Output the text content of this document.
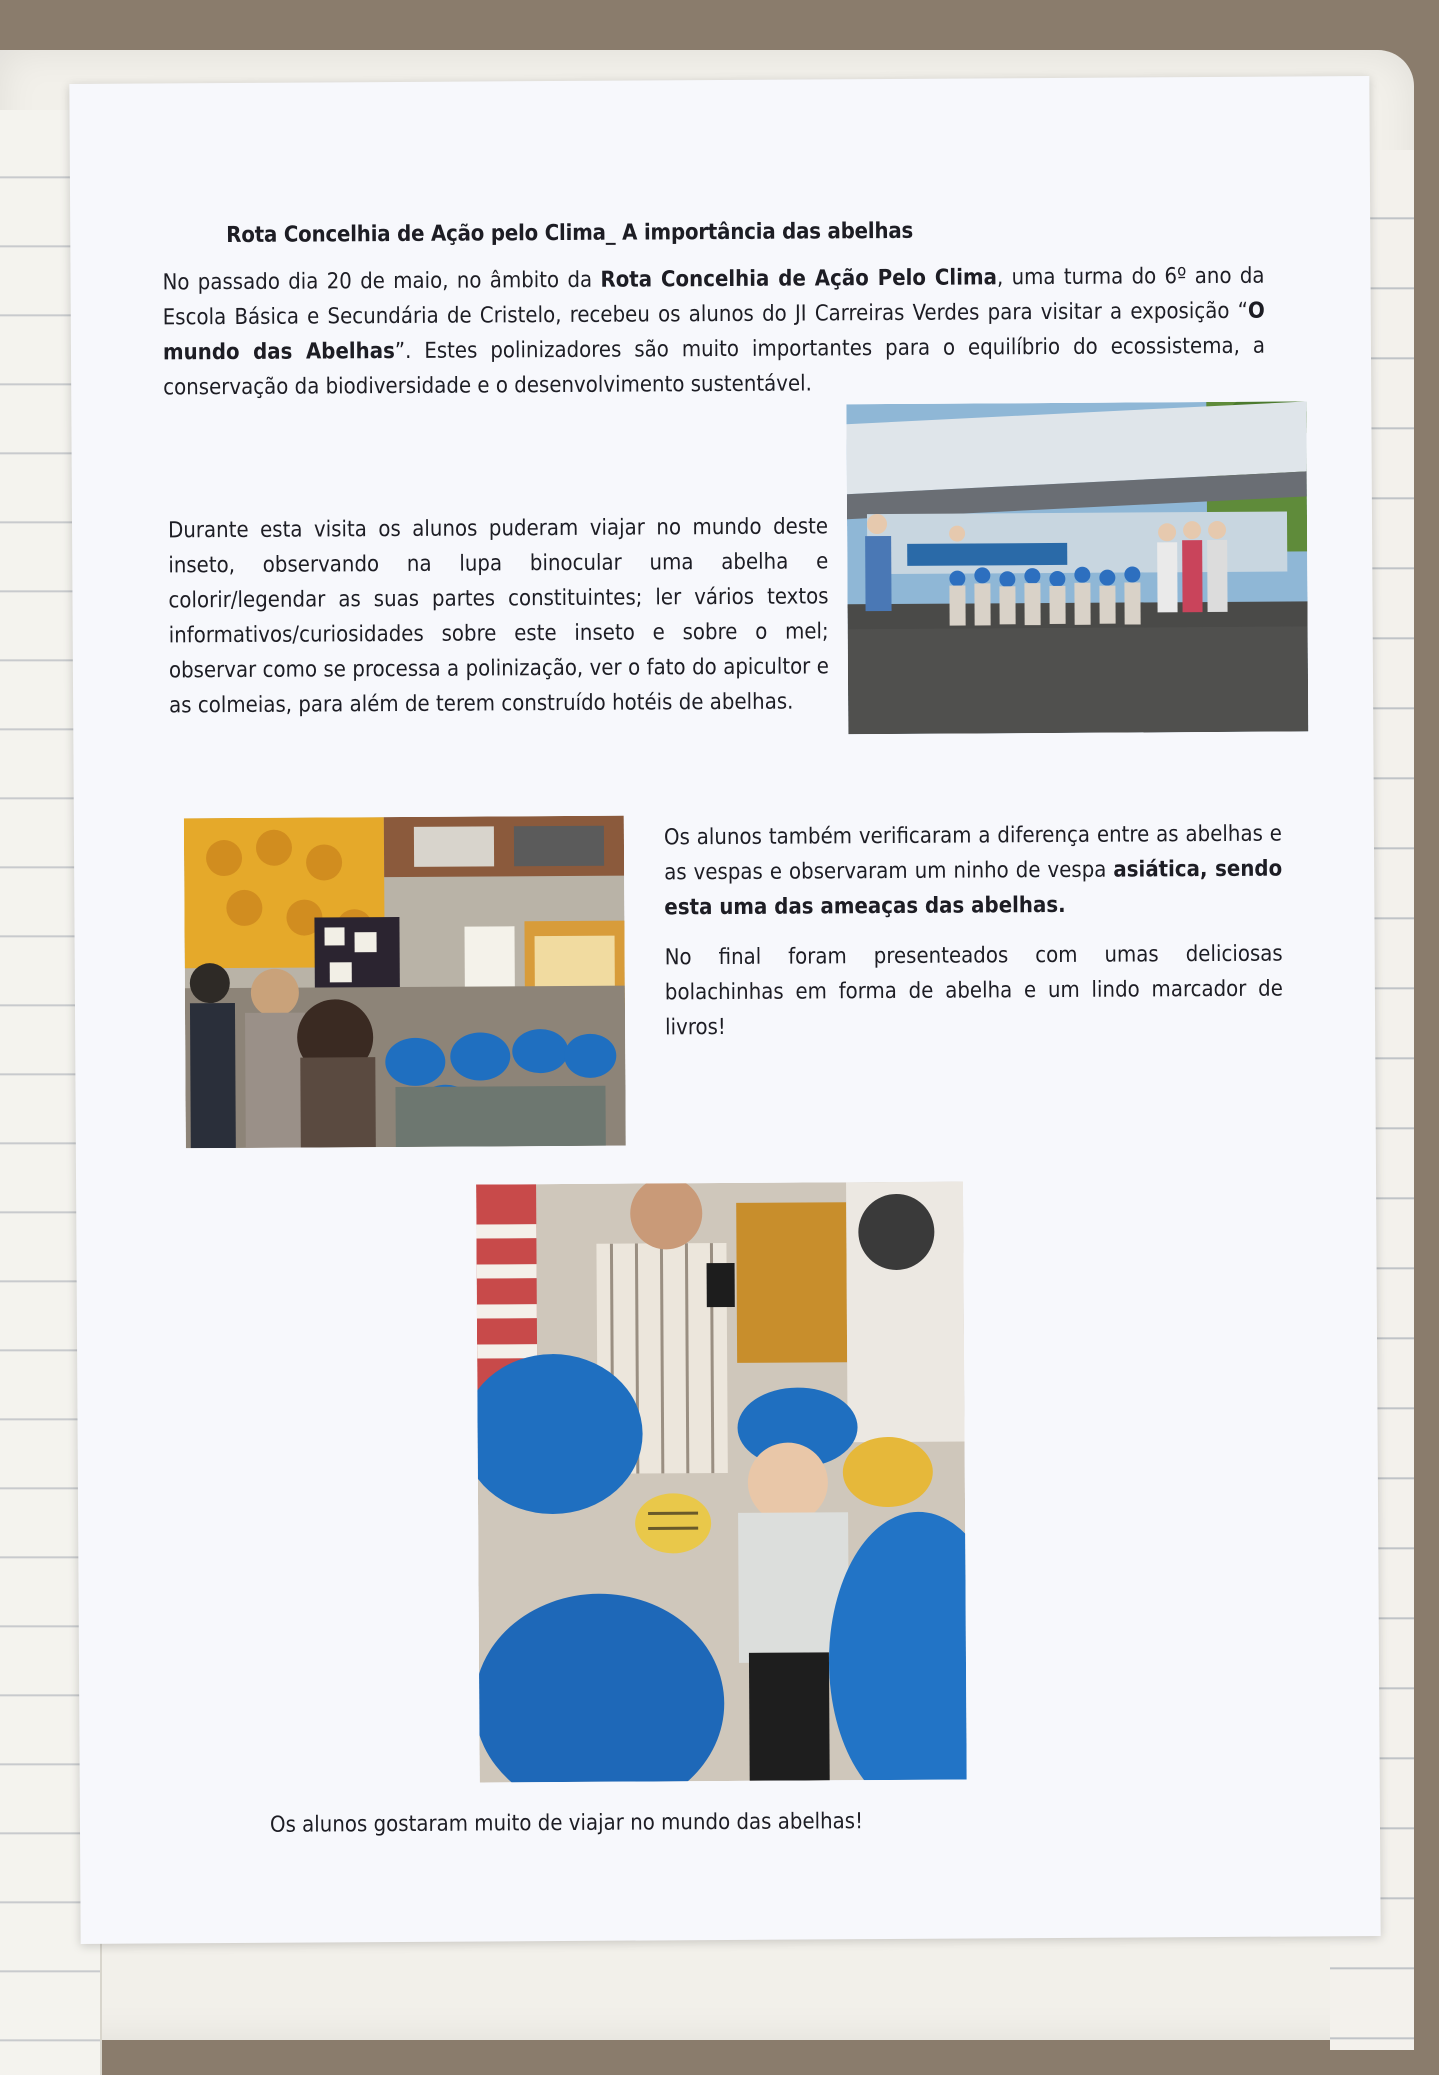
Rota Concelhia de Ação pelo Clima_ A importância das abelhas
No passado dia 20 de maio, no âmbito da Rota Concelhia de Ação Pelo Clima, uma turma do 6º ano da Escola Básica e Secundária de Cristelo, recebeu os alunos do JI Carreiras Verdes para visitar a exposição “O mundo das Abelhas”. Estes polinizadores são muito importantes para o equilíbrio do ecossistema, a conservação da biodiversidade e o desenvolvimento sustentável.
Durante esta visita os alunos puderam viajar no mundo deste inseto, observando na lupa binocular uma abelha e colorir/legendar as suas partes constituintes; ler vários textos informativos/curiosidades sobre este inseto e sobre o mel; observar como se processa a polinização, ver o fato do apicultor e as colmeias, para além de terem construído hotéis de abelhas.
Os alunos também verificaram a diferença entre as abelhas e as vespas e observaram um ninho de vespa asiática, sendo esta uma das ameaças das abelhas.
No final foram presenteados com umas deliciosas bolachinhas em forma de abelha e um lindo marcador de livros!
Os alunos gostaram muito de viajar no mundo das abelhas!
